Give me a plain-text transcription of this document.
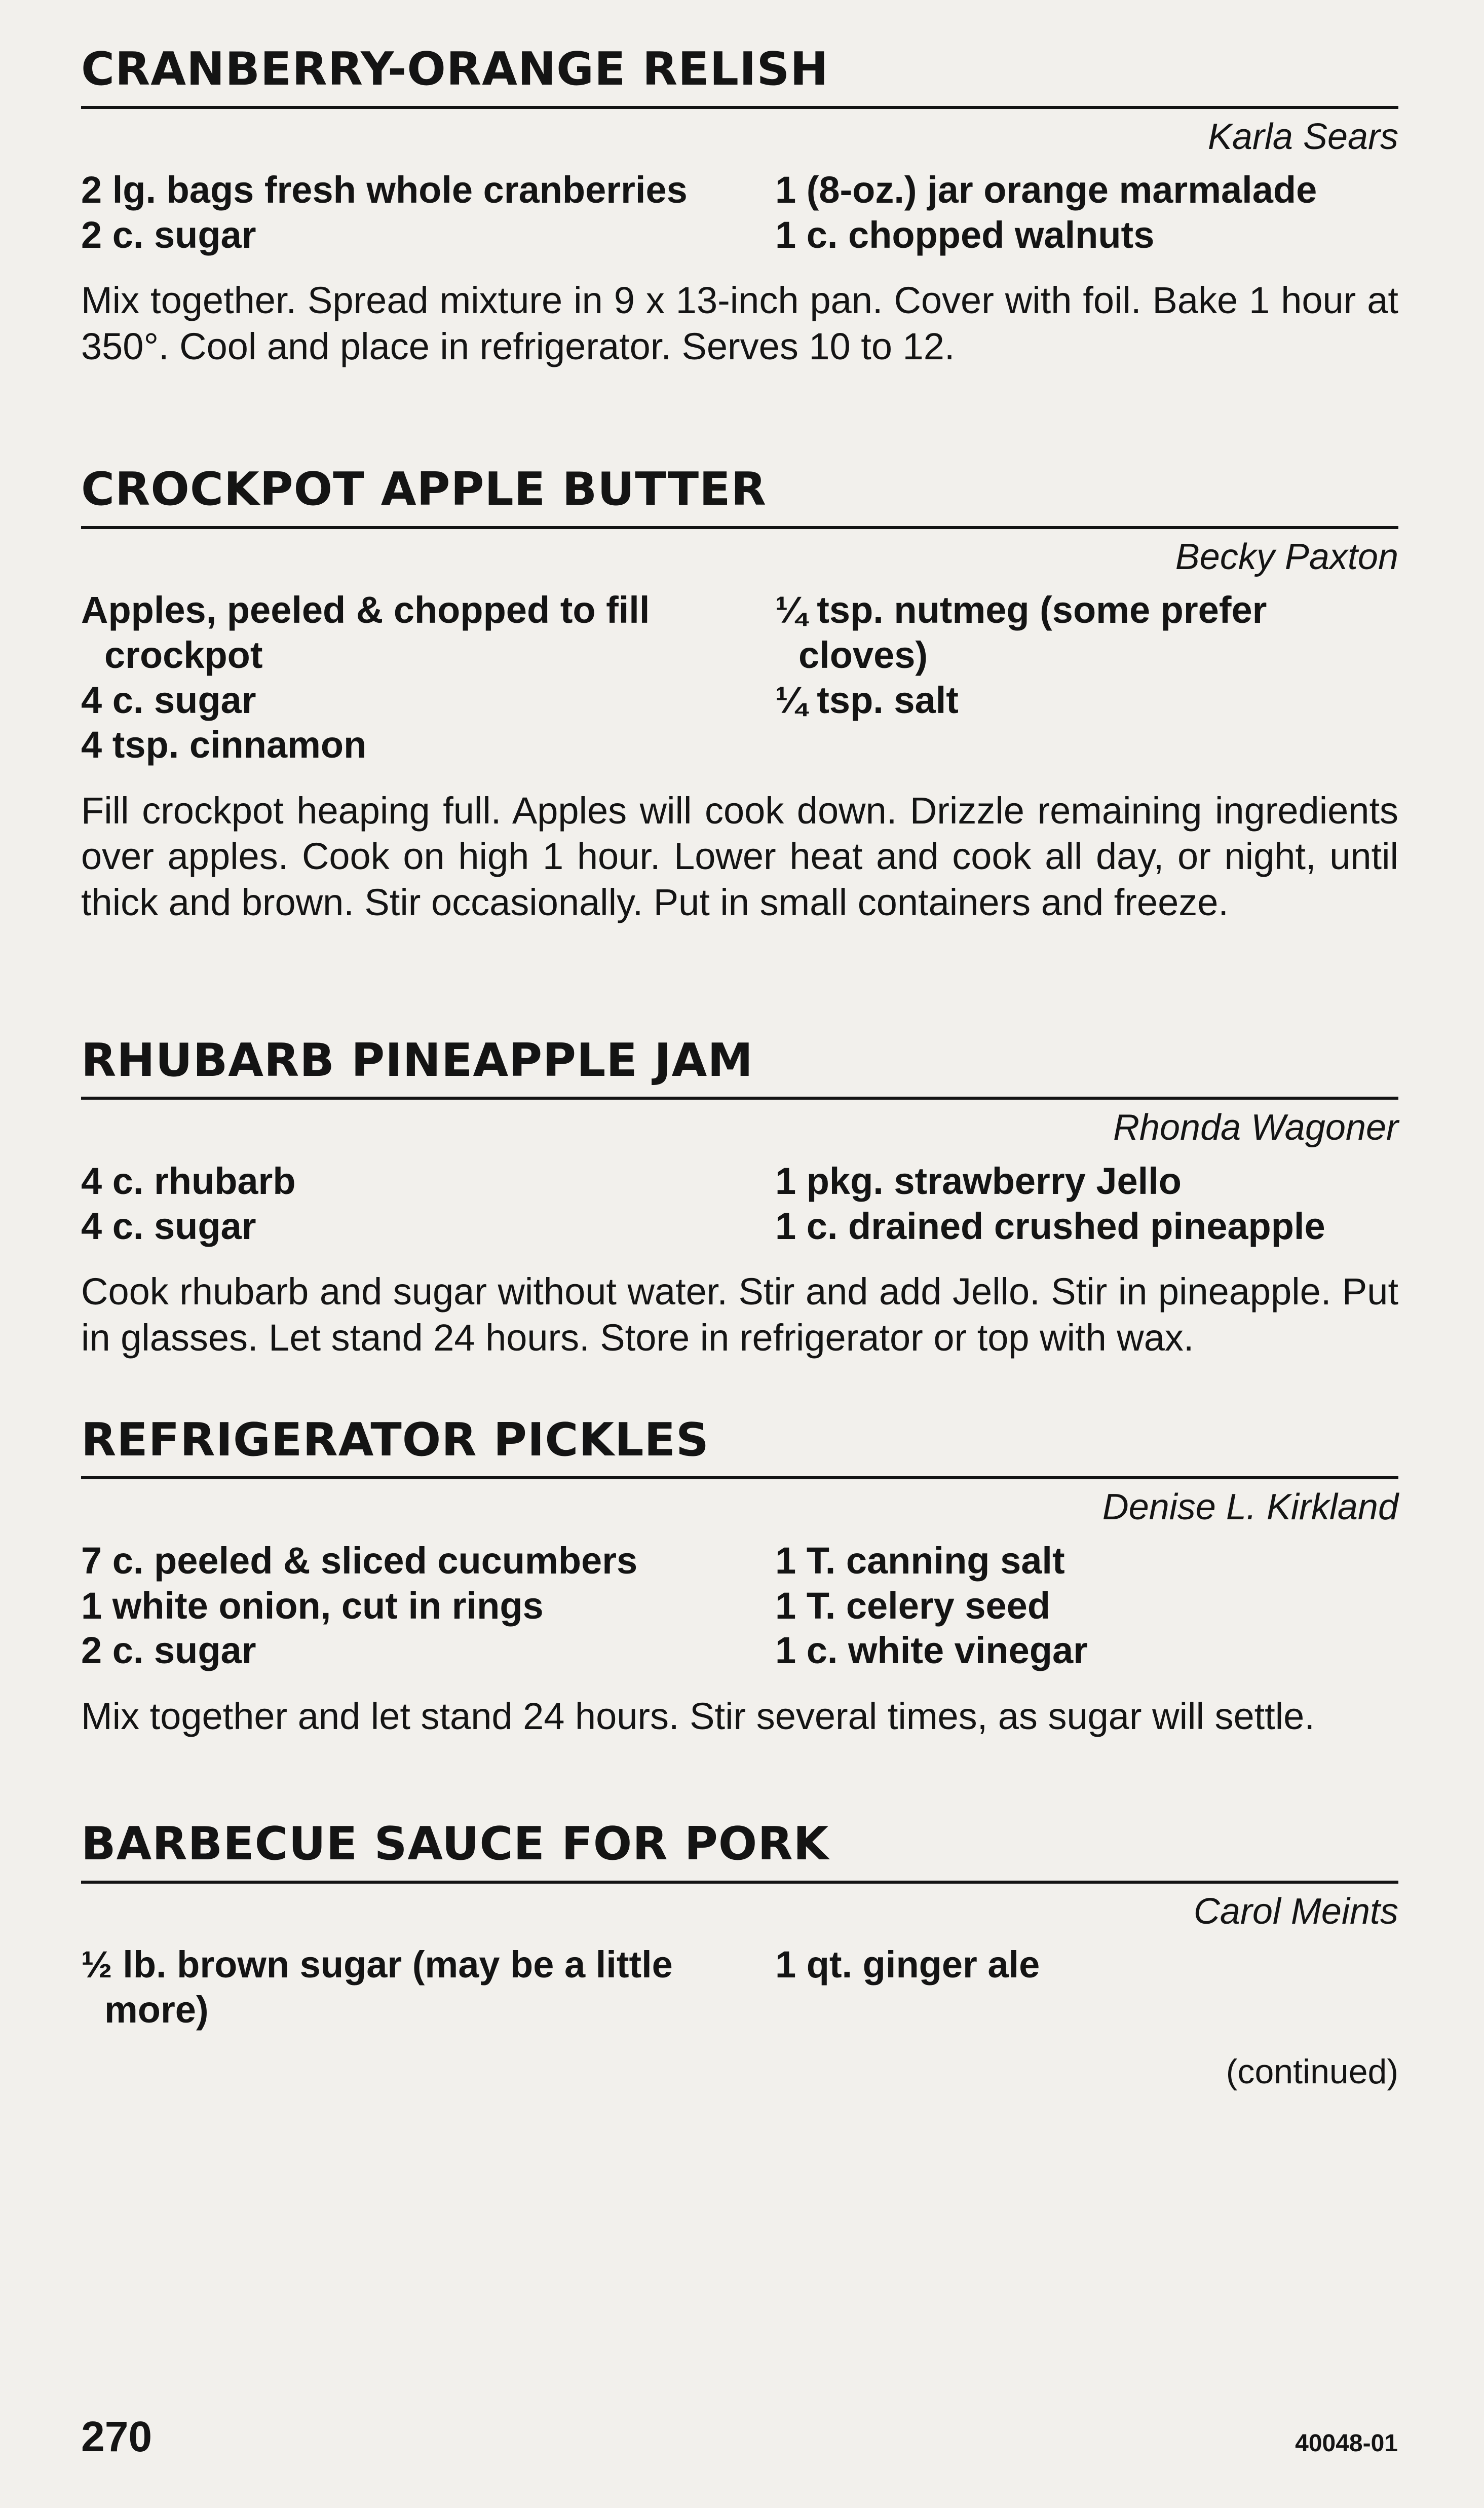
CRANBERRY-ORANGE RELISH
Karla Sears

2 lg. bags fresh whole cranberries

2 c. sugar

1 (8-oz.) jar orange marmalade

1 c. chopped walnuts

Mix together. Spread mixture in 9 x 13-inch pan. Cover with foil. Bake 1 hour at 350°. Cool and place in refrigerator. Serves 10 to 12.
CROCKPOT APPLE BUTTER
Becky Paxton

Apples, peeled & chopped to fill crockpot

4 c. sugar

4 tsp. cinnamon

¼ tsp. nutmeg (some prefer cloves)

¼ tsp. salt

Fill crockpot heaping full. Apples will cook down. Drizzle remaining ingredients over apples. Cook on high 1 hour. Lower heat and cook all day, or night, until thick and brown. Stir occasionally. Put in small containers and freeze.
RHUBARB PINEAPPLE JAM
Rhonda Wagoner

4 c. rhubarb

4 c. sugar

1 pkg. strawberry Jello

1 c. drained crushed pineapple

Cook rhubarb and sugar without water. Stir and add Jello. Stir in pineapple. Put in glasses. Let stand 24 hours. Store in refrigerator or top with wax.
REFRIGERATOR PICKLES
Denise L. Kirkland

7 c. peeled & sliced cucumbers

1 white onion, cut in rings

2 c. sugar

1 T. canning salt

1 T. celery seed

1 c. white vinegar

Mix together and let stand 24 hours. Stir several times, as sugar will settle.
BARBECUE SAUCE FOR PORK
Carol Meints

½ lb. brown sugar (may be a little more)

1 qt. ginger ale

(continued)
270	40048-01
